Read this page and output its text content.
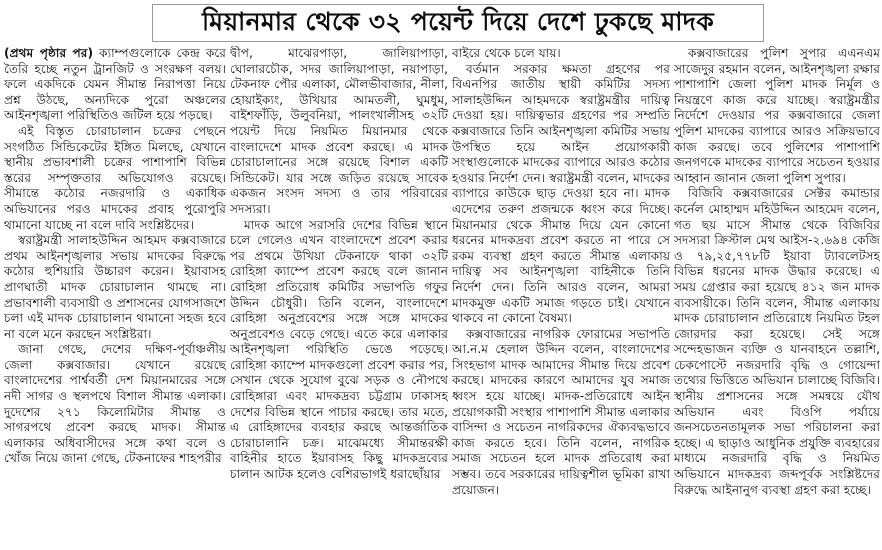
মিয়ানমার থেকে ৩২ পয়েন্ট দিয়ে দেশে ঢুকছে মাদক

(প্রথম পৃষ্ঠার পর) ক্যাম্পগুলোকে কেন্দ্র করে তৈরি হচ্ছে নতুন ট্রানজিট ও সংরক্ষণ বলয়। ফলে একদিকে যেমন সীমান্ত নিরাপত্তা নিয়ে প্রশ্ন উঠছে, অন্যদিকে পুরো অঞ্চলের আইনশৃঙ্খলা পরিস্থিতিও জটিল হয়ে পড়ছে।

এই বিস্তৃত চোরাচালান চক্রের পেছনে সংগঠিত সিন্ডিকেটের ইঙ্গিত মিলছে, যেখানে স্থানীয় প্রভাবশালী চক্রের পাশাপাশি বিভিন্ন স্তরের সম্পৃক্ততার অভিযোগও রয়েছে। সীমান্তে কঠোর নজরদারি ও একাধিক অভিযানের পরও মাদকের প্রবাহ পুরোপুরি থামানো যাচ্ছে না বলে দাবি সংশ্লিষ্টদের।

স্বরাষ্ট্রমন্ত্রী সালাহউদ্দিন আহমদ কক্সবাজারে প্রথম আইনশৃঙ্খলার সভায় মাদকের বিরুদ্ধে কঠোর হুশিয়ারি উচ্চারণ করেন। ইয়াবাসহ প্রাণঘাতী মাদক চোরাচালান থামছে না। প্রভাবশালী ব্যবসায়ী ও প্রশাসনের যোগসাজশে চলা এই মাদক চোরাচালান থামানো সহজ হবে না বলে মনে করছেন সংশ্লিষ্টরা।

জানা গেছে, দেশের দক্ষিণ-পূর্বাঞ্চলীয় জেলা কক্সবাজার। যেখানে রয়েছে বাংলাদেশের পার্শ্ববর্তী দেশ মিয়ানমারের সঙ্গে নদী সাগর ও স্থলপথে বিশাল সীমান্ত এলাকা। দুদেশের ২৭১ কিলোমিটার সীমান্ত ও সাগরপথে প্রবেশ করছে মাদক। সীমান্ত এলাকার অধিবাসীদের সঙ্গে কথা বলে ও খোঁজ নিয়ে জানা গেছে, টেকনাফের শাহপরীর

দ্বীপ, মাঝেরপাড়া, জালিয়াপাড়া, ঘোলারচৌক, সদর জালিয়াপাড়া, নয়াপাড়া, টেকনাফ পৌর এলাকা, মৌলভীবাজার, নীলা, হোয়াইক্যং, উখিয়ার আমতলী, ঘুমধুম, বাইশফাঁড়ি, উলুবনিয়া, পালংখালীসহ ৩২টি পয়েন্ট দিয়ে নিয়মিত মিয়ানমার থেকে বাংলাদেশে মাদক প্রবেশ করছে। এ মাদক চোরাচালানের সঙ্গে রয়েছে বিশাল একটি সিন্ডিকেট। যার সঙ্গে জড়িত রয়েছে সাবেক একজন সংসদ সদস্য ও তার পরিবারের সদস্যরা।

মাদক আগে সরাসরি দেশের বিভিন্ন স্থানে চলে গেলেও এখন বাংলাদেশে প্রবেশ করার পর প্রথমে উখিয়া টেকনাফে থাকা ৩২টি রোহিঙ্গা ক্যাম্পে প্রবেশ করছে বলে জানান রোহিঙ্গা প্রতিরোধ কমিটির সভাপতি গফুর উদ্দিন চৌধুরী। তিনি বলেন, বাংলাদেশে রোহিঙ্গা অনুপ্রবেশের সঙ্গে সঙ্গে মাদকের অনুপ্রবেশও বেড়ে গেছে। এতে করে এলাকার আইনশৃঙ্খলা পরিস্থিতি ভেঙে পড়েছে। রোহিঙ্গা ক্যাম্পে মাদকগুলো প্রবেশ করার পর, সেখান থেকে সুযোগ বুঝে সড়ক ও নৌপথে রোহিঙ্গারা এবং মাদকদ্রব্য চট্টগ্রাম ঢাকাসহ দেশের বিভিন্ন স্থানে পাচার করছে। তার মতে, এ রোহিঙ্গাদের ব্যবহার করছে আন্তর্জাতিক চোরাচালানি চক্র। মাঝেমধ্যে সীমান্তরক্ষী বাহিনীর হাতে ইয়াবাসহ কিছু মাদকদ্রব্যের চালান আটক হলেও বেশিরভাগই ধরাছোঁয়ার

বাইরে থেকে চলে যায়।

বর্তমান সরকার ক্ষমতা গ্রহণের পর বিএনপির জাতীয় স্থায়ী কমিটির সদস্য সালাহউদ্দিন আহমদকে স্বরাষ্ট্রমন্ত্রীর দায়িত্ব দেওয়া হয়। দায়িত্বভার গ্রহণের পর সম্প্রতি কক্সবাজারে তিনি আইনশৃঙ্খলা কমিটির সভায় উপস্থিত হয়ে আইন প্রয়োগকারী সংস্থাগুলোকে মাদকের ব্যাপারে আরও কঠোর হওয়ার নির্দেশ দেন। স্বরাষ্ট্রমন্ত্রী বলেন, মাদকের ব্যাপারে কাউকে ছাড় দেওয়া হবে না। মাদক এদেশের তরুণ প্রজন্মকে ধ্বংস করে দিচ্ছে। মিয়ানমার থেকে সীমান্ত দিয়ে যেন কোনো ধরনের মাদকদ্রব্য প্রবেশ করতে না পারে সে রকম ব্যবস্থা গ্রহণ করতে সীমান্ত এলাকায় দায়িত্ব সব আইনশৃঙ্খলা বাহিনীকে তিনি নির্দেশ দেন। তিনি আরও বলেন, আমরা মাদকমুক্ত একটি সমাজ গড়তে চাই। যেখানে থাকবে না কোনো বৈষম্য।

কক্সবাজারের নাগরিক ফোরামের সভাপতি আ.ন.ম হেলাল উদ্দিন বলেন, বাংলাদেশের সিংহভাগ মাদক আমাদের সীমান্ত দিয়ে প্রবেশ করছে। মাদকের কারণে আমাদের যুব সমাজ ধ্বংস হয়ে যাচ্ছে। মাদক-প্রতিরোধে আইন প্রয়োগকারী সংস্থার পাশাপাশি সীমান্ত এলাকার বাসিন্দা ও সচেতন নাগরিকদের ঐক্যবদ্ধভাবে কাজ করতে হবে। তিনি বলেন, নাগরিক সমাজ সচেতন হলে মাদক প্রতিরোধ করা সম্ভব। তবে সরকারের দায়িত্বশীল ভূমিকা রাখা প্রয়োজন।

কক্সবাজারের পুলিশ সুপার এএনএম সাজেদুর রহমান বলেন, আইনশৃঙ্খলা রক্ষার পাশাপাশি জেলা পুলিশ মাদক নির্মূল ও নিয়ন্ত্রণে কাজ করে যাচ্ছে। স্বরাষ্ট্রমন্ত্রীর নির্দেশে দেওয়ার পর কক্সবাজারে জেলা পুলিশ মাদকের ব্যাপারে আরও সক্রিয়ভাবে কাজ করছে। তবে পুলিশের পাশাপাশি জনগণকে মাদকের ব্যাপারে সচেতন হওয়ার আহ্বান জানান জেলা পুলিশ সুপার।

বিজিবি কক্সবাজারের সেক্টর কমান্ডার কর্নেল মোহাম্মদ মহিউদ্দিন আহমেদ বলেন, গত ছয় মাসে সীমান্ত থেকে বিজিবির সদস্যরা ক্রিস্টাল মেথ আইস-২.৬৯৪ কেজি ও ৭৯,২৫,৭৭৮টি ইয়াবা ট্যাবলেটসহ বিভিন্ন ধরনের মাদক উদ্ধার করেছে। এ সময় গ্রেপ্তার করা হয়েছে ৪১২ জন মাদক ব্যবসায়ীকে। তিনি বলেন, সীমান্ত এলাকায় মাদক চোরাচালান প্রতিরোধে নিয়মিত টহল জোরদার করা হয়েছে। সেই সঙ্গে সন্দেহভাজন ব্যক্তি ও যানবাহনে তল্লাশি, চেকপোস্টে নজরদারি বৃদ্ধি ও গোয়েন্দা তথ্যের ভিত্তিতে অভিযান চালাচ্ছে বিজিবি। স্থানীয় প্রশাসনের সঙ্গে সমন্বয়ে যৌথ অভিযান এবং বিওপি পর্যায়ে জনসচেতনতামূলক সভা পরিচালনা করা হচ্ছে। এ ছাড়াও আধুনিক প্রযুক্তি ব্যবহারের মাধ্যমে নজরদারি বৃদ্ধি ও নিয়মিত অভিযানে মাদকদ্রব্য জব্দপূর্বক সংশ্লিষ্টদের বিরুদ্ধে আইনানুগ ব্যবস্থা গ্রহণ করা হচ্ছে।
